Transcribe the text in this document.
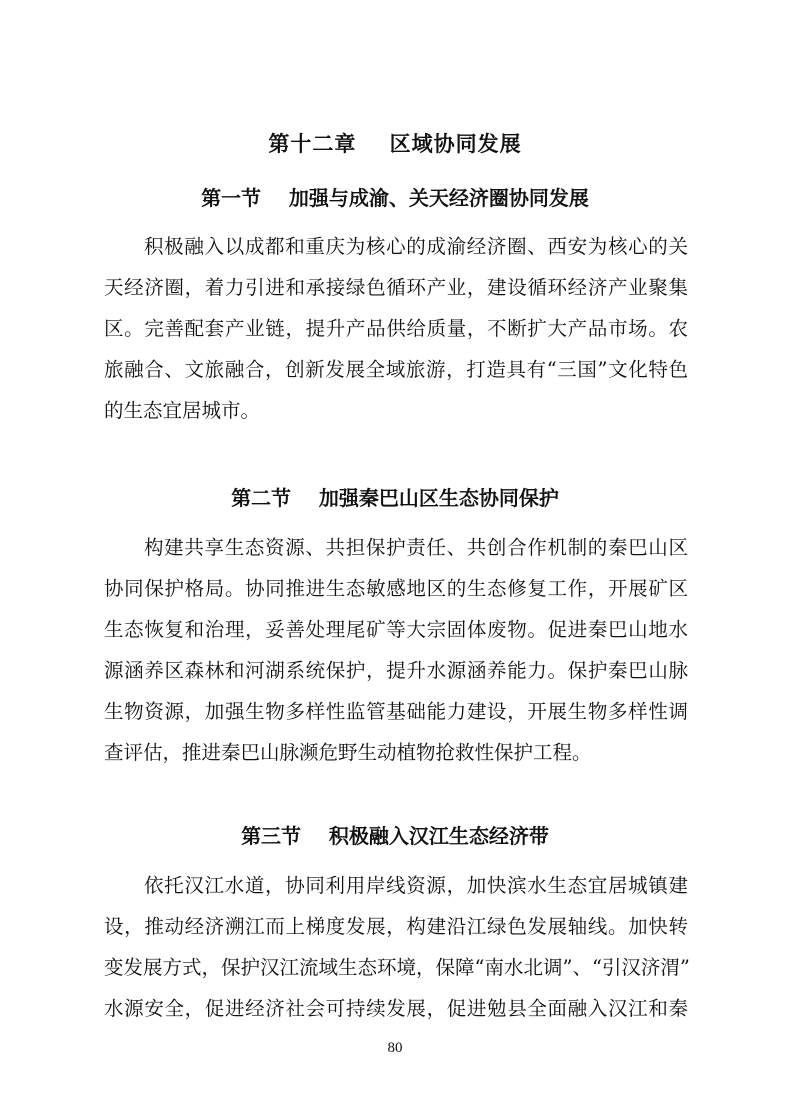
第十二章    区域协同发展
第一节    加强与成渝、关天经济圈协同发展
积极融入以成都和重庆为核心的成渝经济圈、西安为核心的关
天经济圈，着力引进和承接绿色循环产业，建设循环经济产业聚集
区。完善配套产业链，提升产品供给质量，不断扩大产品市场。农
旅融合、文旅融合，创新发展全域旅游，打造具有“三国”文化特色
的生态宜居城市。
第二节    加强秦巴山区生态协同保护
构建共享生态资源、共担保护责任、共创合作机制的秦巴山区
协同保护格局。协同推进生态敏感地区的生态修复工作，开展矿区
生态恢复和治理，妥善处理尾矿等大宗固体废物。促进秦巴山地水
源涵养区森林和河湖系统保护，提升水源涵养能力。保护秦巴山脉
生物资源，加强生物多样性监管基础能力建设，开展生物多样性调
查评估，推进秦巴山脉濒危野生动植物抢救性保护工程。
第三节    积极融入汉江生态经济带
依托汉江水道，协同利用岸线资源，加快滨水生态宜居城镇建
设，推动经济溯江而上梯度发展，构建沿江绿色发展轴线。加快转
变发展方式，保护汉江流域生态环境，保障“南水北调”、“引汉济渭”
水源安全，促进经济社会可持续发展，促进勉县全面融入汉江和秦
80
